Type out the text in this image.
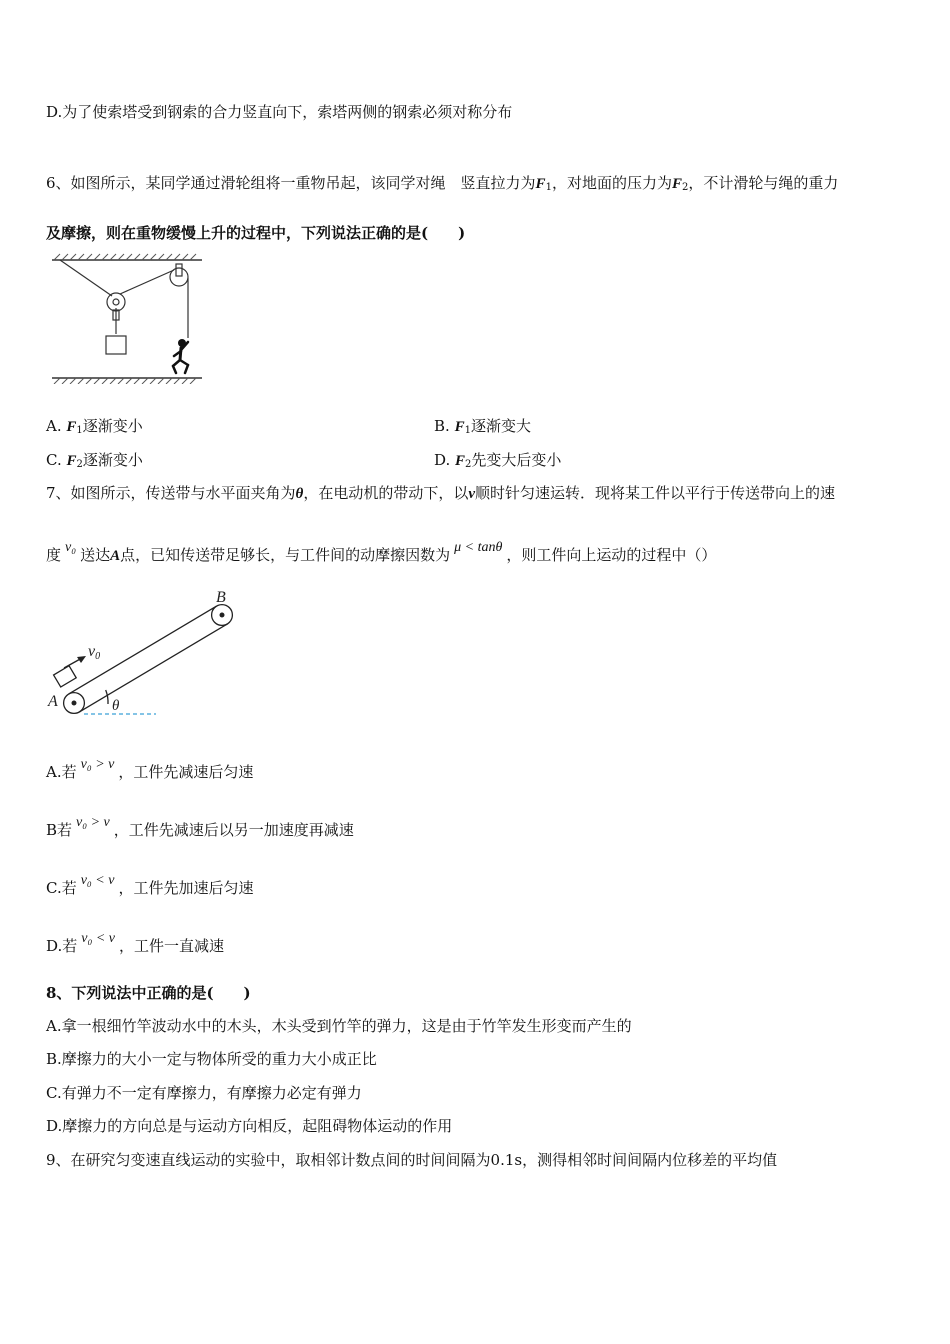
D.为了使索塔受到钢索的合力竖直向下，索塔两侧的钢索必须对称分布
6、如图所示，某同学通过滑轮组将一重物吊起，该同学对绳　竖直拉力为$F_1$，对地面的压力为$F_2$，不计滑轮与绳的重力
及摩擦，则在重物缓慢上升的过程中，下列说法正确的是(　　)
A. $F_1$逐渐变小	B. $F_1$逐渐变大
C. $F_2$逐渐变小	D. $F_2$先变大后变小
7、如图所示，传送带与水平面夹角为θ，在电动机的带动下，以v顺时针匀速运转．现将某工件以平行于传送带向上的速
度 v₀ 送达A点，已知传送带足够长，与工件间的动摩擦因数为 μ < tanθ ，则工件向上运动的过程中（）
v0
A
B
θ
A.若 v₀ > v ，工件先减速后匀速
B若 v₀ > v ，工件先减速后以另一加速度再减速
C.若 v₀ < v ，工件先加速后匀速
D.若 v₀ < v ，工件一直减速
8、下列说法中正确的是(　　)
A.拿一根细竹竿波动水中的木头，木头受到竹竿的弹力，这是由于竹竿发生形变而产生的
B.摩擦力的大小一定与物体所受的重力大小成正比
C.有弹力不一定有摩擦力，有摩擦力必定有弹力
D.摩擦力的方向总是与运动方向相反，起阻碍物体运动的作用
9、在研究匀变速直线运动的实验中，取相邻计数点间的时间间隔为0.1s，测得相邻时间间隔内位移差的平均值
